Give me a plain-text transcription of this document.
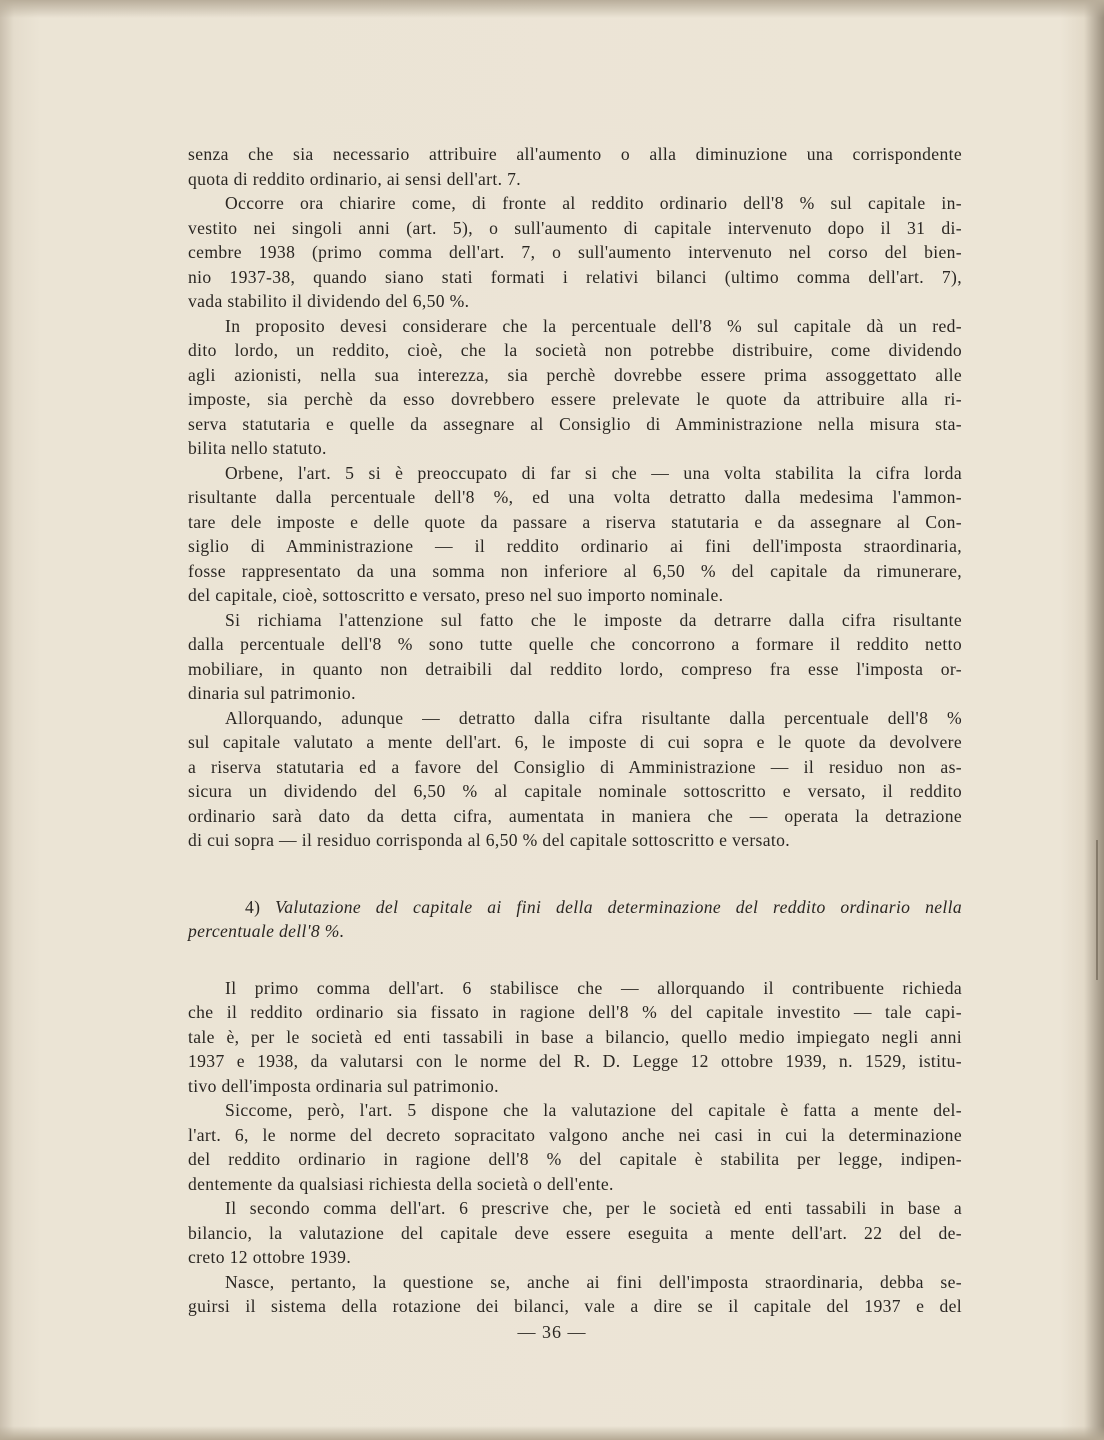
senza che sia necessario attribuire all'aumento o alla diminuzione una corrispondente
quota di reddito ordinario, ai sensi dell'art. 7.
Occorre ora chiarire come, di fronte al reddito ordinario dell'8 % sul capitale in-
vestito nei singoli anni (art. 5), o sull'aumento di capitale intervenuto dopo il 31 di-
cembre 1938 (primo comma dell'art. 7, o sull'aumento intervenuto nel corso del bien-
nio 1937-38, quando siano stati formati i relativi bilanci (ultimo comma dell'art. 7),
vada stabilito il dividendo del 6,50 %.
In proposito devesi considerare che la percentuale dell'8 % sul capitale dà un red-
dito lordo, un reddito, cioè, che la società non potrebbe distribuire, come dividendo
agli azionisti, nella sua interezza, sia perchè dovrebbe essere prima assoggettato alle
imposte, sia perchè da esso dovrebbero essere prelevate le quote da attribuire alla ri-
serva statutaria e quelle da assegnare al Consiglio di Amministrazione nella misura sta-
bilita nello statuto.
Orbene, l'art. 5 si è preoccupato di far si che — una volta stabilita la cifra lorda
risultante dalla percentuale dell'8 %, ed una volta detratto dalla medesima l'ammon-
tare dele imposte e delle quote da passare a riserva statutaria e da assegnare al Con-
siglio di Amministrazione — il reddito ordinario ai fini dell'imposta straordinaria,
fosse rappresentato da una somma non inferiore al 6,50 % del capitale da rimunerare,
del capitale, cioè, sottoscritto e versato, preso nel suo importo nominale.
Si richiama l'attenzione sul fatto che le imposte da detrarre dalla cifra risultante
dalla percentuale dell'8 % sono tutte quelle che concorrono a formare il reddito netto
mobiliare, in quanto non detraibili dal reddito lordo, compreso fra esse l'imposta or-
dinaria sul patrimonio.
Allorquando, adunque — detratto dalla cifra risultante dalla percentuale dell'8 %
sul capitale valutato a mente dell'art. 6, le imposte di cui sopra e le quote da devolvere
a riserva statutaria ed a favore del Consiglio di Amministrazione — il residuo non as-
sicura un dividendo del 6,50 % al capitale nominale sottoscritto e versato, il reddito
ordinario sarà dato da detta cifra, aumentata in maniera che — operata la detrazione
di cui sopra — il residuo corrisponda al 6,50 % del capitale sottoscritto e versato.
4) Valutazione del capitale ai fini della determinazione del reddito ordinario nella
percentuale dell'8 %.
Il primo comma dell'art. 6 stabilisce che — allorquando il contribuente richieda
che il reddito ordinario sia fissato in ragione dell'8 % del capitale investito — tale capi-
tale è, per le società ed enti tassabili in base a bilancio, quello medio impiegato negli anni
1937 e 1938, da valutarsi con le norme del R. D. Legge 12 ottobre 1939, n. 1529, istitu-
tivo dell'imposta ordinaria sul patrimonio.
Siccome, però, l'art. 5 dispone che la valutazione del capitale è fatta a mente del-
l'art. 6, le norme del decreto sopracitato valgono anche nei casi in cui la determinazione
del reddito ordinario in ragione dell'8 % del capitale è stabilita per legge, indipen-
dentemente da qualsiasi richiesta della società o dell'ente.
Il secondo comma dell'art. 6 prescrive che, per le società ed enti tassabili in base a
bilancio, la valutazione del capitale deve essere eseguita a mente dell'art. 22 del de-
creto 12 ottobre 1939.
Nasce, pertanto, la questione se, anche ai fini dell'imposta straordinaria, debba se-
guirsi il sistema della rotazione dei bilanci, vale a dire se il capitale del 1937 e del
— 36 —
